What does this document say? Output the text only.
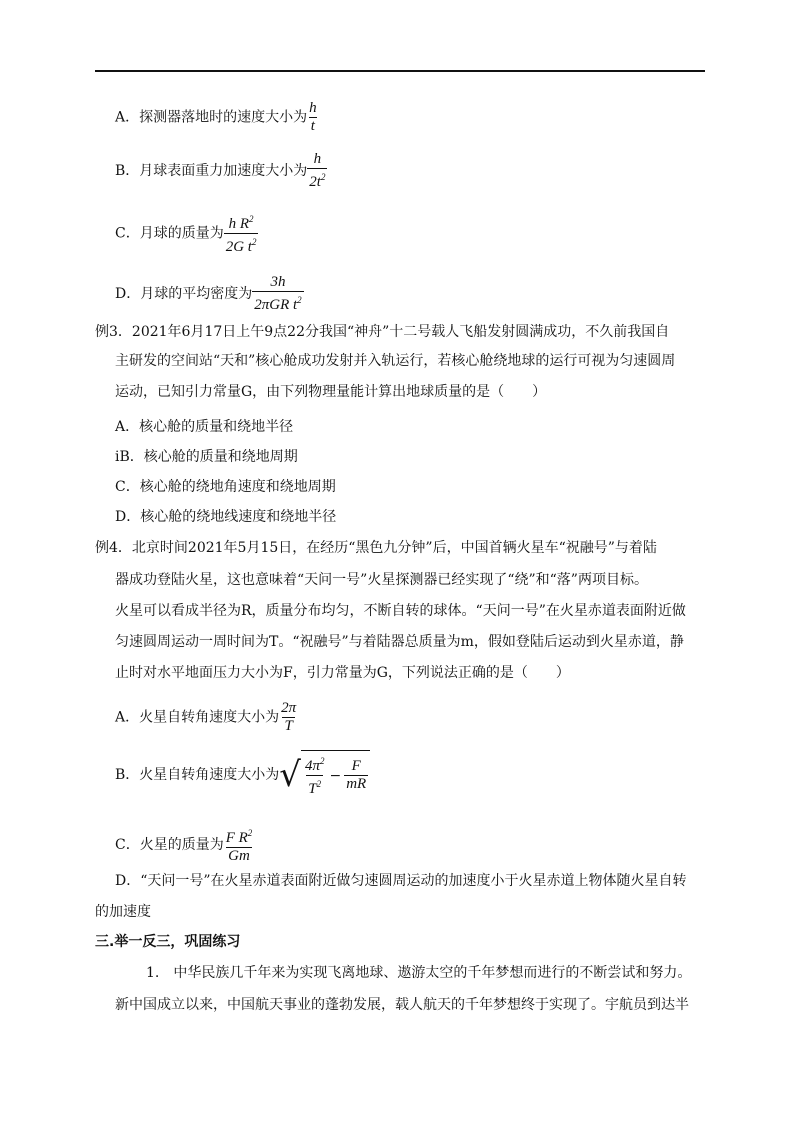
A．探测器落地时的速度大小为 $\frac{h}{t}$
B．月球表面重力加速度大小为 $\frac{h}{2t^2}$
C．月球的质量为 $\frac{h R^2}{2G t^2}$
D．月球的平均密度为 $\frac{3h}{2\pi GR t^2}$
例3．2021年6月17日上午9点22分我国“神舟”十二号载人飞船发射圆满成功，不久前我国自
主研发的空间站“天和”核心舱成功发射并入轨运行，若核心舱绕地球的运行可视为匀速圆周
运动，已知引力常量G，由下列物理量能计算出地球质量的是（　　）
A．核心舱的质量和绕地半径
iB．核心舱的质量和绕地周期
C．核心舱的绕地角速度和绕地周期
D．核心舱的绕地线速度和绕地半径
例4．北京时间2021年5月15日，在经历“黑色九分钟”后，中国首辆火星车“祝融号”与着陆
器成功登陆火星，这也意味着“天问一号”火星探测器已经实现了“绕”和“落”两项目标。
火星可以看成半径为R，质量分布均匀，不断自转的球体。“天问一号”在火星赤道表面附近做
匀速圆周运动一周时间为T。“祝融号”与着陆器总质量为m，假如登陆后运动到火星赤道，静
止时对水平地面压力大小为F，引力常量为G，下列说法正确的是（　　）
A．火星自转角速度大小为 $\frac{2\pi}{T}$
B．火星自转角速度大小为 √ $\frac{4\pi^2}{T^2} - \frac{F}{mR}$
C．火星的质量为 $\frac{F R^2}{Gm}$
D．“天问一号”在火星赤道表面附近做匀速圆周运动的加速度小于火星赤道上物体随火星自转
的加速度
三.举一反三，巩固练习
1.　中华民族几千年来为实现飞离地球、遨游太空的千年梦想而进行的不断尝试和努力。
新中国成立以来，中国航天事业的蓬勃发展，载人航天的千年梦想终于实现了。宇航员到达半
